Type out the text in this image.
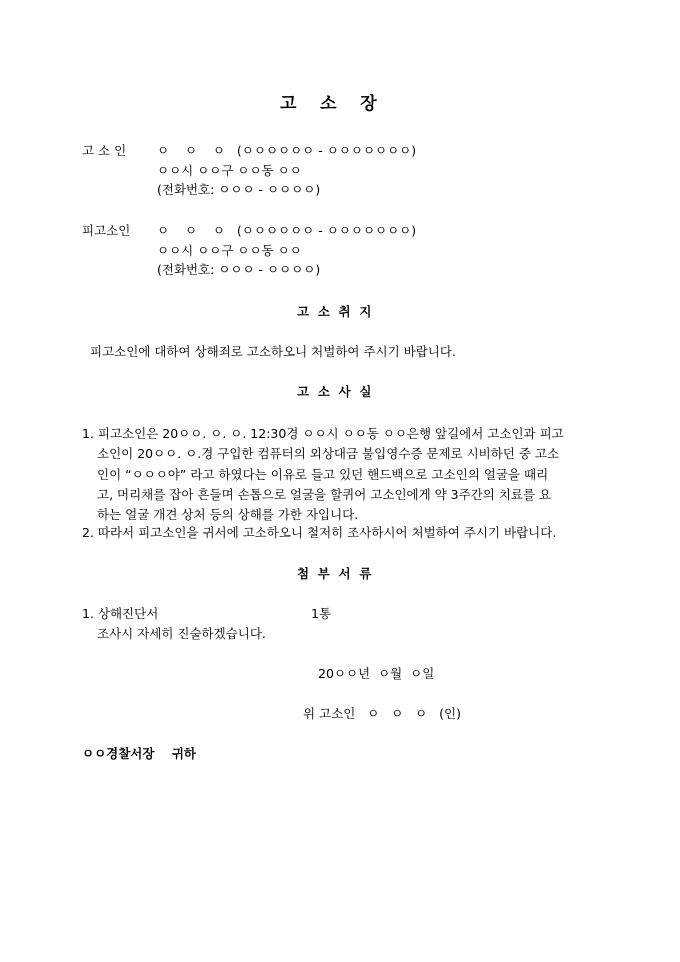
고    소    장
고 소 인 ㅇ    ㅇ    ㅇ   (ㅇㅇㅇㅇㅇㅇ - ㅇㅇㅇㅇㅇㅇㅇ)
ㅇㅇ시 ㅇㅇ구 ㅇㅇ동 ㅇㅇ
(전화번호: ㅇㅇㅇ - ㅇㅇㅇㅇ)
피고소인 ㅇ    ㅇ    ㅇ   (ㅇㅇㅇㅇㅇㅇ - ㅇㅇㅇㅇㅇㅇㅇ)
ㅇㅇ시 ㅇㅇ구 ㅇㅇ동 ㅇㅇ
(전화번호: ㅇㅇㅇ - ㅇㅇㅇㅇ)
고  소  취  지
피고소인에 대하여 상해죄로 고소하오니 처벌하여 주시기 바랍니다.
고  소  사  실
1. 피고소인은 20ㅇㅇ. ㅇ. ㅇ. 12:30경 ㅇㅇ시 ㅇㅇ동 ㅇㅇ은행 앞길에서 고소인과 피고
소인이 20ㅇㅇ. ㅇ.경 구입한 컴퓨터의 외상대금 불입영수증 문제로 시비하던 중 고소
인이 “ㅇㅇㅇ야” 라고 하였다는 이유로 들고 있던 핸드백으로 고소인의 얼굴을 때리
고, 머리채를 잡아 흔들며 손톱으로 얼굴을 할퀴어 고소인에게 약 3주간의 치료를 요
하는 얼굴 개견 상처 등의 상해를 가한 자입니다.
2. 따라서 피고소인을 귀서에 고소하오니 철저히 조사하시어 처벌하여 주시기 바랍니다.
첨  부  서  류
1. 상해진단서	1통
조사시 자세히 진술하겠습니다.
20ㅇㅇ년  ㅇ월  ㅇ일
위 고소인   ㅇ   ㅇ   ㅇ   (인)
ㅇㅇ경찰서장    귀하
